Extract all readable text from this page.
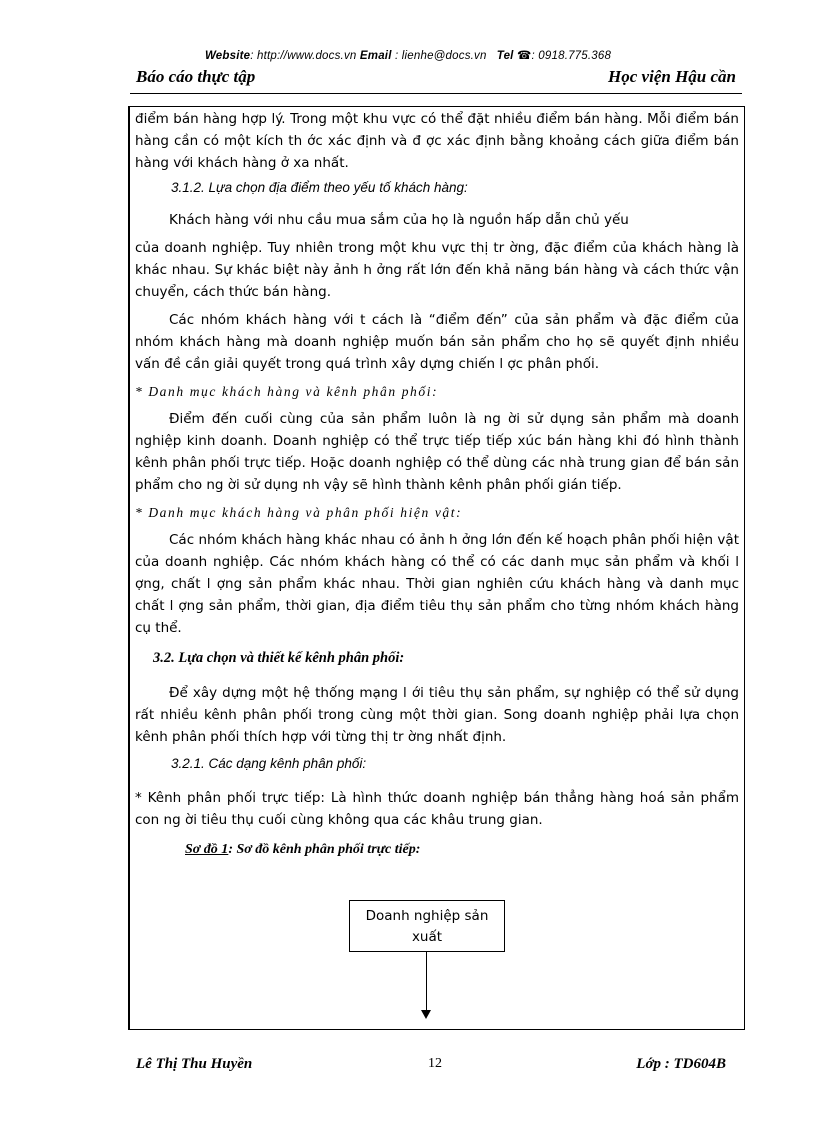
Website: http://www.docs.vn Email : lienhe@docs.vn Tel ☎: 0918.775.368
Báo cáo thực tập	Học viện Hậu cần

điểm bán hàng hợp lý. Trong một khu vực có thể đặt nhiều điểm bán hàng. Mỗi điểm bán hàng cần có một kích th ớc xác định và đ ợc xác định bằng khoảng cách giữa điểm bán hàng với khách hàng ở xa nhất.

3.1.2. Lựa chọn địa điểm theo yếu tố khách hàng:

Khách hàng với nhu cầu mua sắm của họ là nguồn hấp dẫn chủ yếu

của doanh nghiệp. Tuy nhiên trong một khu vực thị tr ờng, đặc điểm của khách hàng là khác nhau. Sự khác biệt này ảnh h ởng rất lớn đến khả năng bán hàng và cách thức vận chuyển, cách thức bán hàng.

Các nhóm khách hàng với t cách là “điểm đến” của sản phẩm và đặc điểm của nhóm khách hàng mà doanh nghiệp muốn bán sản phẩm cho họ sẽ quyết định nhiều vấn đề cần giải quyết trong quá trình xây dựng chiến l ợc phân phối.

* Danh mục khách hàng và kênh phân phối:

Điểm đến cuối cùng của sản phẩm luôn là ng ời sử dụng sản phẩm mà doanh nghiệp kinh doanh. Doanh nghiệp có thể trực tiếp tiếp xúc bán hàng khi đó hình thành kênh phân phối trực tiếp. Hoặc doanh nghiệp có thể dùng các nhà trung gian để bán sản phẩm cho ng ời sử dụng nh vậy sẽ hình thành kênh phân phối gián tiếp.

* Danh mục khách hàng và phân phối hiện vật:

Các nhóm khách hàng khác nhau có ảnh h ởng lớn đến kế hoạch phân phối hiện vật của doanh nghiệp. Các nhóm khách hàng có thể có các danh mục sản phẩm và khối l ợng, chất l ợng sản phẩm khác nhau. Thời gian nghiên cứu khách hàng và danh mục chất l ợng sản phẩm, thời gian, địa điểm tiêu thụ sản phẩm cho từng nhóm khách hàng cụ thể.

3.2. Lựa chọn và thiết kế kênh phân phối:

Để xây dựng một hệ thống mạng l ới tiêu thụ sản phẩm, sự nghiệp có thể sử dụng rất nhiều kênh phân phối trong cùng một thời gian. Song doanh nghiệp phải lựa chọn kênh phân phối thích hợp với từng thị tr ờng nhất định.

3.2.1. Các dạng kênh phân phối:

* Kênh phân phối trực tiếp: Là hình thức doanh nghiệp bán thẳng hàng hoá sản phẩm con ng ời tiêu thụ cuối cùng không qua các khâu trung gian.

Sơ đồ 1: Sơ đồ kênh phân phối trực tiếp:

Doanh nghiệp sản xuất
Lê Thị Thu Huyền	12	Lớp : TD604B
